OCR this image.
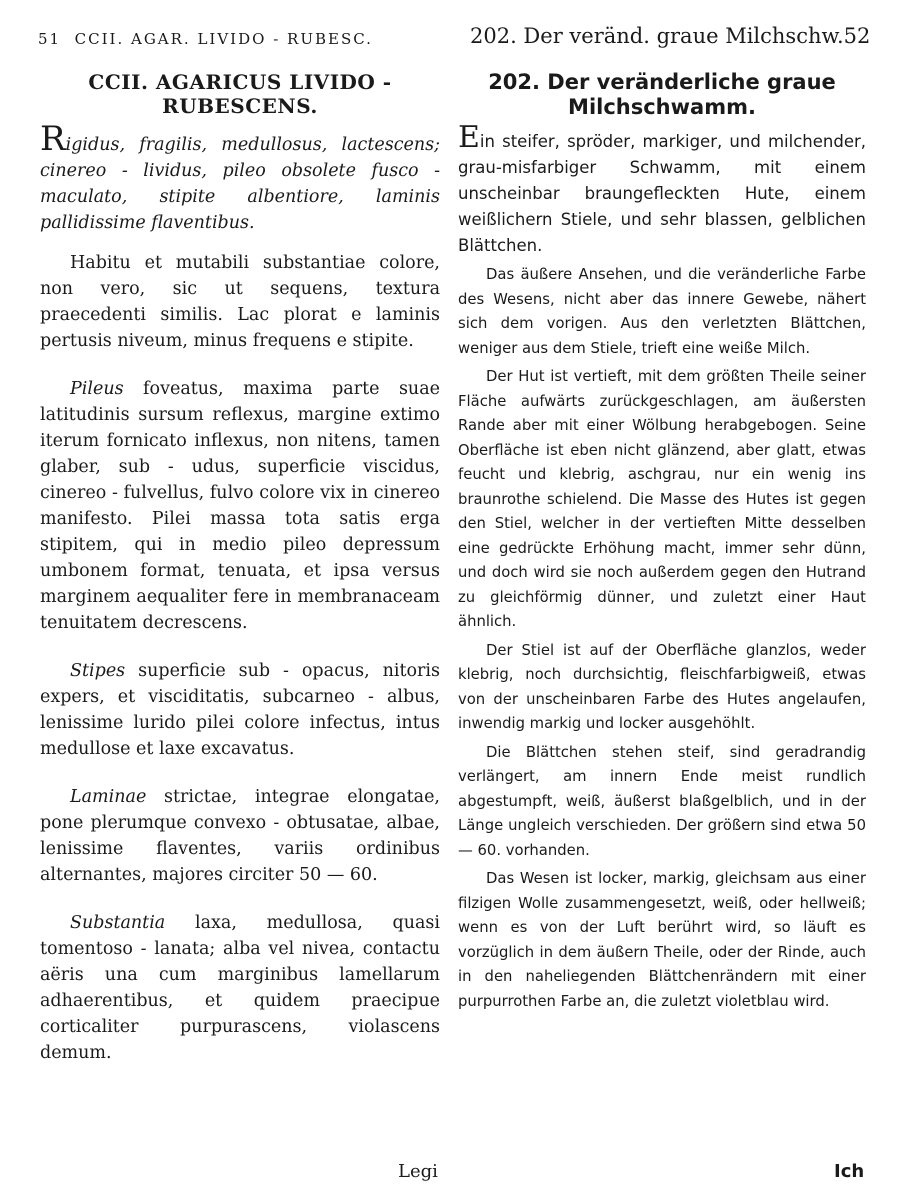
51 CCII. AGAR. LIVIDO - RUBESC.	202. Der veränd. graue Milchschw. 52
CCII. AGARICUS LIVIDO - RUBESCENS.

Rigidus, fragilis, medullosus, lactescens; cinereo - lividus, pileo obsolete fusco - maculato, stipite albentiore, laminis pallidissime flaventibus.

Habitu et mutabili substantiae colore, non vero, sic ut sequens, textura praecedenti similis. Lac plorat e laminis pertusis niveum, minus frequens e stipite.

Pileus foveatus, maxima parte suae latitudinis sursum reflexus, margine extimo iterum fornicato inflexus, non nitens, tamen glaber, sub - udus, superficie viscidus, cinereo - fulvellus, fulvo colore vix in cinereo manifesto. Pilei massa tota satis erga stipitem, qui in medio pileo depressum umbonem format, tenuata, et ipsa versus marginem aequaliter fere in membranaceam tenuitatem decrescens.

Stipes superficie sub - opacus, nitoris expers, et visciditatis, subcarneo - albus, lenissime lurido pilei colore infectus, intus medullose et laxe excavatus.

Laminae strictae, integrae elongatae, pone plerumque convexo - obtusatae, albae, lenissime flaventes, variis ordinibus alternantes, majores circiter 50 — 60.

Substantia laxa, medullosa, quasi tomentoso - lanata; alba vel nivea, contactu aëris una cum marginibus lamellarum adhaerentibus, et quidem praecipue corticaliter purpurascens, violascens demum.

202. Der veränderliche graue Milchschwamm.

Ein steifer, spröder, markiger, und milchender, grau-misfarbiger Schwamm, mit einem unscheinbar braungefleckten Hute, einem weißlichern Stiele, und sehr blassen, gelblichen Blättchen.

Das äußere Ansehen, und die veränderliche Farbe des Wesens, nicht aber das innere Gewebe, nähert sich dem vorigen. Aus den verletzten Blättchen, weniger aus dem Stiele, trieft eine weiße Milch.

Der Hut ist vertieft, mit dem größten Theile seiner Fläche aufwärts zurückgeschlagen, am äußersten Rande aber mit einer Wölbung herabgebogen. Seine Oberfläche ist eben nicht glänzend, aber glatt, etwas feucht und klebrig, aschgrau, nur ein wenig ins braunrothe schielend. Die Masse des Hutes ist gegen den Stiel, welcher in der vertieften Mitte desselben eine gedrückte Erhöhung macht, immer sehr dünn, und doch wird sie noch außerdem gegen den Hutrand zu gleichförmig dünner, und zuletzt einer Haut ähnlich.

Der Stiel ist auf der Oberfläche glanzlos, weder klebrig, noch durchsichtig, fleischfarbigweiß, etwas von der unscheinbaren Farbe des Hutes angelaufen, inwendig markig und locker ausgehöhlt.

Die Blättchen stehen steif, sind geradrandig verlängert, am innern Ende meist rundlich abgestumpft, weiß, äußerst blaßgelblich, und in der Länge ungleich verschieden. Der größern sind etwa 50 — 60. vorhanden.

Das Wesen ist locker, markig, gleichsam aus einer filzigen Wolle zusammengesetzt, weiß, oder hellweiß; wenn es von der Luft berührt wird, so läuft es vorzüglich in dem äußern Theile, oder der Rinde, auch in den naheliegenden Blättchenrändern mit einer purpurrothen Farbe an, die zuletzt violetblau wird.

Legi	Ich
